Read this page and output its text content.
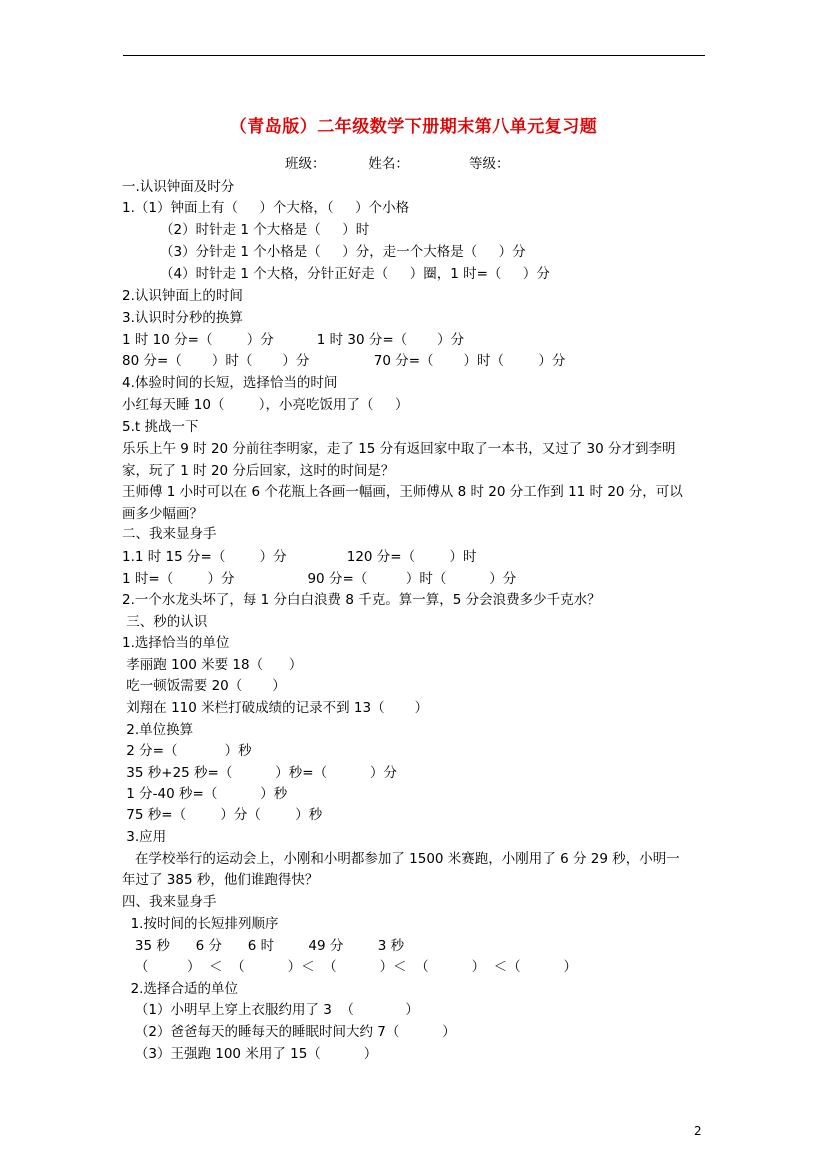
（青岛版）二年级数学下册期末第八单元复习题
班级：          姓名：              等级：
一.认识钟面及时分
1.（1）钟面上有（     ）个大格，（     ）个小格
（2）时针走 1 个大格是（     ）时
（3）分针走 1 个小格是（     ）分，走一个大格是（     ）分
（4）时针走 1 个大格，分针正好走（     ）圈，1 时=（     ）分
2.认识钟面上的时间
3.认识时分秒的换算
1 时 10 分=（        ）分          1 时 30 分=（       ）分
80 分=（       ）时（       ）分               70 分=（       ）时（        ）分
4.体验时间的长短，选择恰当的时间
小红每天睡 10（        ），小亮吃饭用了（     ）
5.t 挑战一下
乐乐上午 9 时 20 分前往李明家，走了 15 分有返回家中取了一本书，又过了 30 分才到李明
家，玩了 1 时 20 分后回家，这时的时间是？
王师傅 1 小时可以在 6 个花瓶上各画一幅画，王师傅从 8 时 20 分工作到 11 时 20 分，可以
画多少幅画？
二、我来显身手
1.1 时 15 分=（        ）分              120 分=（        ）时
1 时=（        ）分                 90 分=（         ）时（          ）分
2.一个水龙头坏了，每 1 分白白浪费 8 千克。算一算，5 分会浪费多少千克水？
三、秒的认识
1.选择恰当的单位
孝丽跑 100 米要 18（      ）
吃一顿饭需要 20（       ）
刘翔在 110 米栏打破成绩的记录不到 13（       ）
2.单位换算
2 分=（           ）秒
35 秒+25 秒=（          ）秒=（          ）分
1 分-40 秒=（          ）秒
75 秒=（        ）分（        ）秒
3.应用
在学校举行的运动会上，小刚和小明都参加了 1500 米赛跑，小刚用了 6 分 29 秒，小明一
年过了 385 秒，他们谁跑得快？
四、我来显身手
1.按时间的长短排列顺序
35 秒      6 分      6 时        49 分        3 秒
（         ）  ＜  （          ）＜  （          ）＜  （          ）  ＜（          ）
2.选择合适的单位
（1）小明早上穿上衣服约用了 3  （            ）
（2）爸爸每天的睡每天的睡眠时间大约 7（          ）
（3）王强跑 100 米用了 15（          ）
2
